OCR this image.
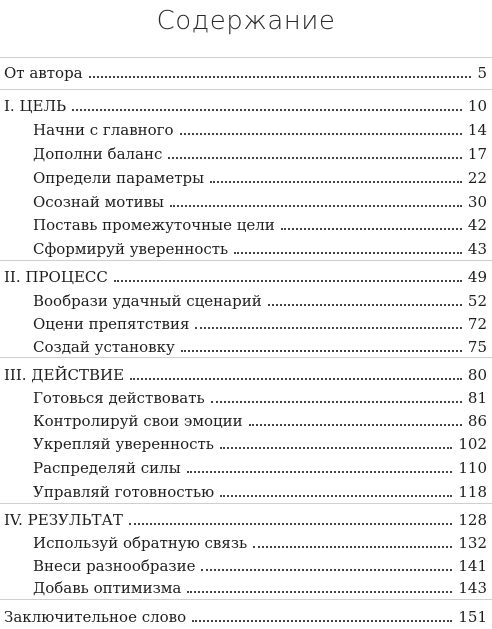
Содержание
От автора	5
I. ЦЕЛЬ	10
Начни с главного	14
Дополни баланс	17
Определи параметры	22
Осознай мотивы	30
Поставь промежуточные цели	42
Сформируй уверенность	43
II. ПРОЦЕСС	49
Вообрази удачный сценарий	52
Оцени препятствия	72
Создай установку	75
III. ДЕЙСТВИЕ	80
Готовься действовать	81
Контролируй свои эмоции	86
Укрепляй уверенность	102
Распределяй силы	110
Управляй готовностью	118
IV. РЕЗУЛЬТАТ	128
Используй обратную связь	132
Внеси разнообразие	141
Добавь оптимизма	143
Заключительное слово	151
